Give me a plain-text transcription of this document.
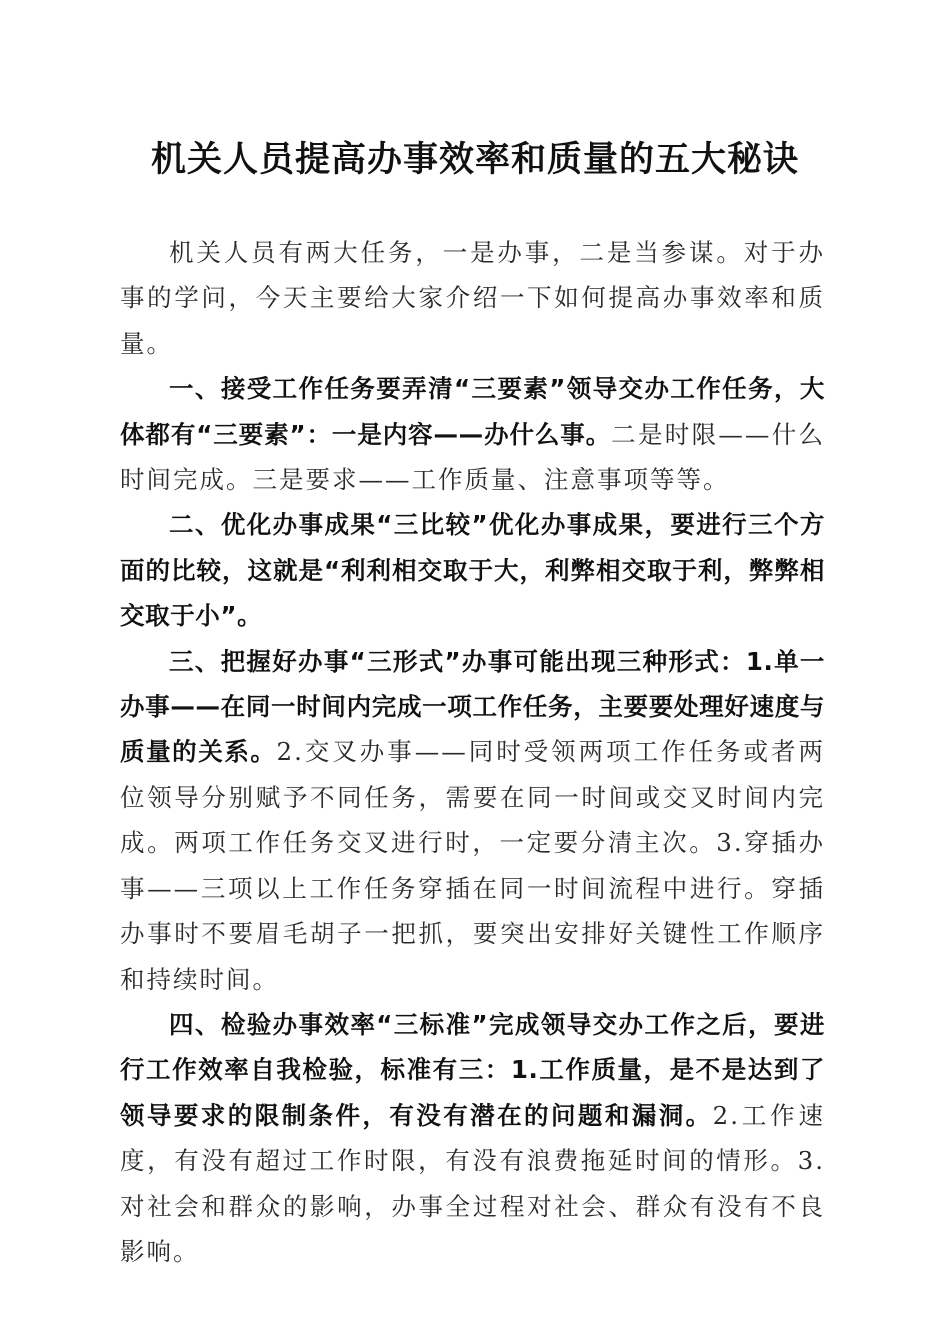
机关人员提高办事效率和质量的五大秘诀

机关人员有两大任务，一是办事，二是当参谋。对于办事的学问，今天主要给大家介绍一下如何提高办事效率和质量。

一、接受工作任务要弄清“三要素”领导交办工作任务，大体都有“三要素”：一是内容——办什么事。二是时限——什么时间完成。三是要求——工作质量、注意事项等等。

二、优化办事成果“三比较”优化办事成果，要进行三个方面的比较，这就是“利利相交取于大，利弊相交取于利，弊弊相交取于小”。

三、把握好办事“三形式”办事可能出现三种形式：1.单一办事——在同一时间内完成一项工作任务，主要要处理好速度与质量的关系。2.交叉办事——同时受领两项工作任务或者两位领导分别赋予不同任务，需要在同一时间或交叉时间内完成。两项工作任务交叉进行时，一定要分清主次。3.穿插办事——三项以上工作任务穿插在同一时间流程中进行。穿插办事时不要眉毛胡子一把抓，要突出安排好关键性工作顺序和持续时间。

四、检验办事效率“三标准”完成领导交办工作之后，要进行工作效率自我检验，标准有三：1.工作质量，是不是达到了领导要求的限制条件，有没有潜在的问题和漏洞。2.工作速度，有没有超过工作时限，有没有浪费拖延时间的情形。3.对社会和群众的影响，办事全过程对社会、群众有没有不良影响。
